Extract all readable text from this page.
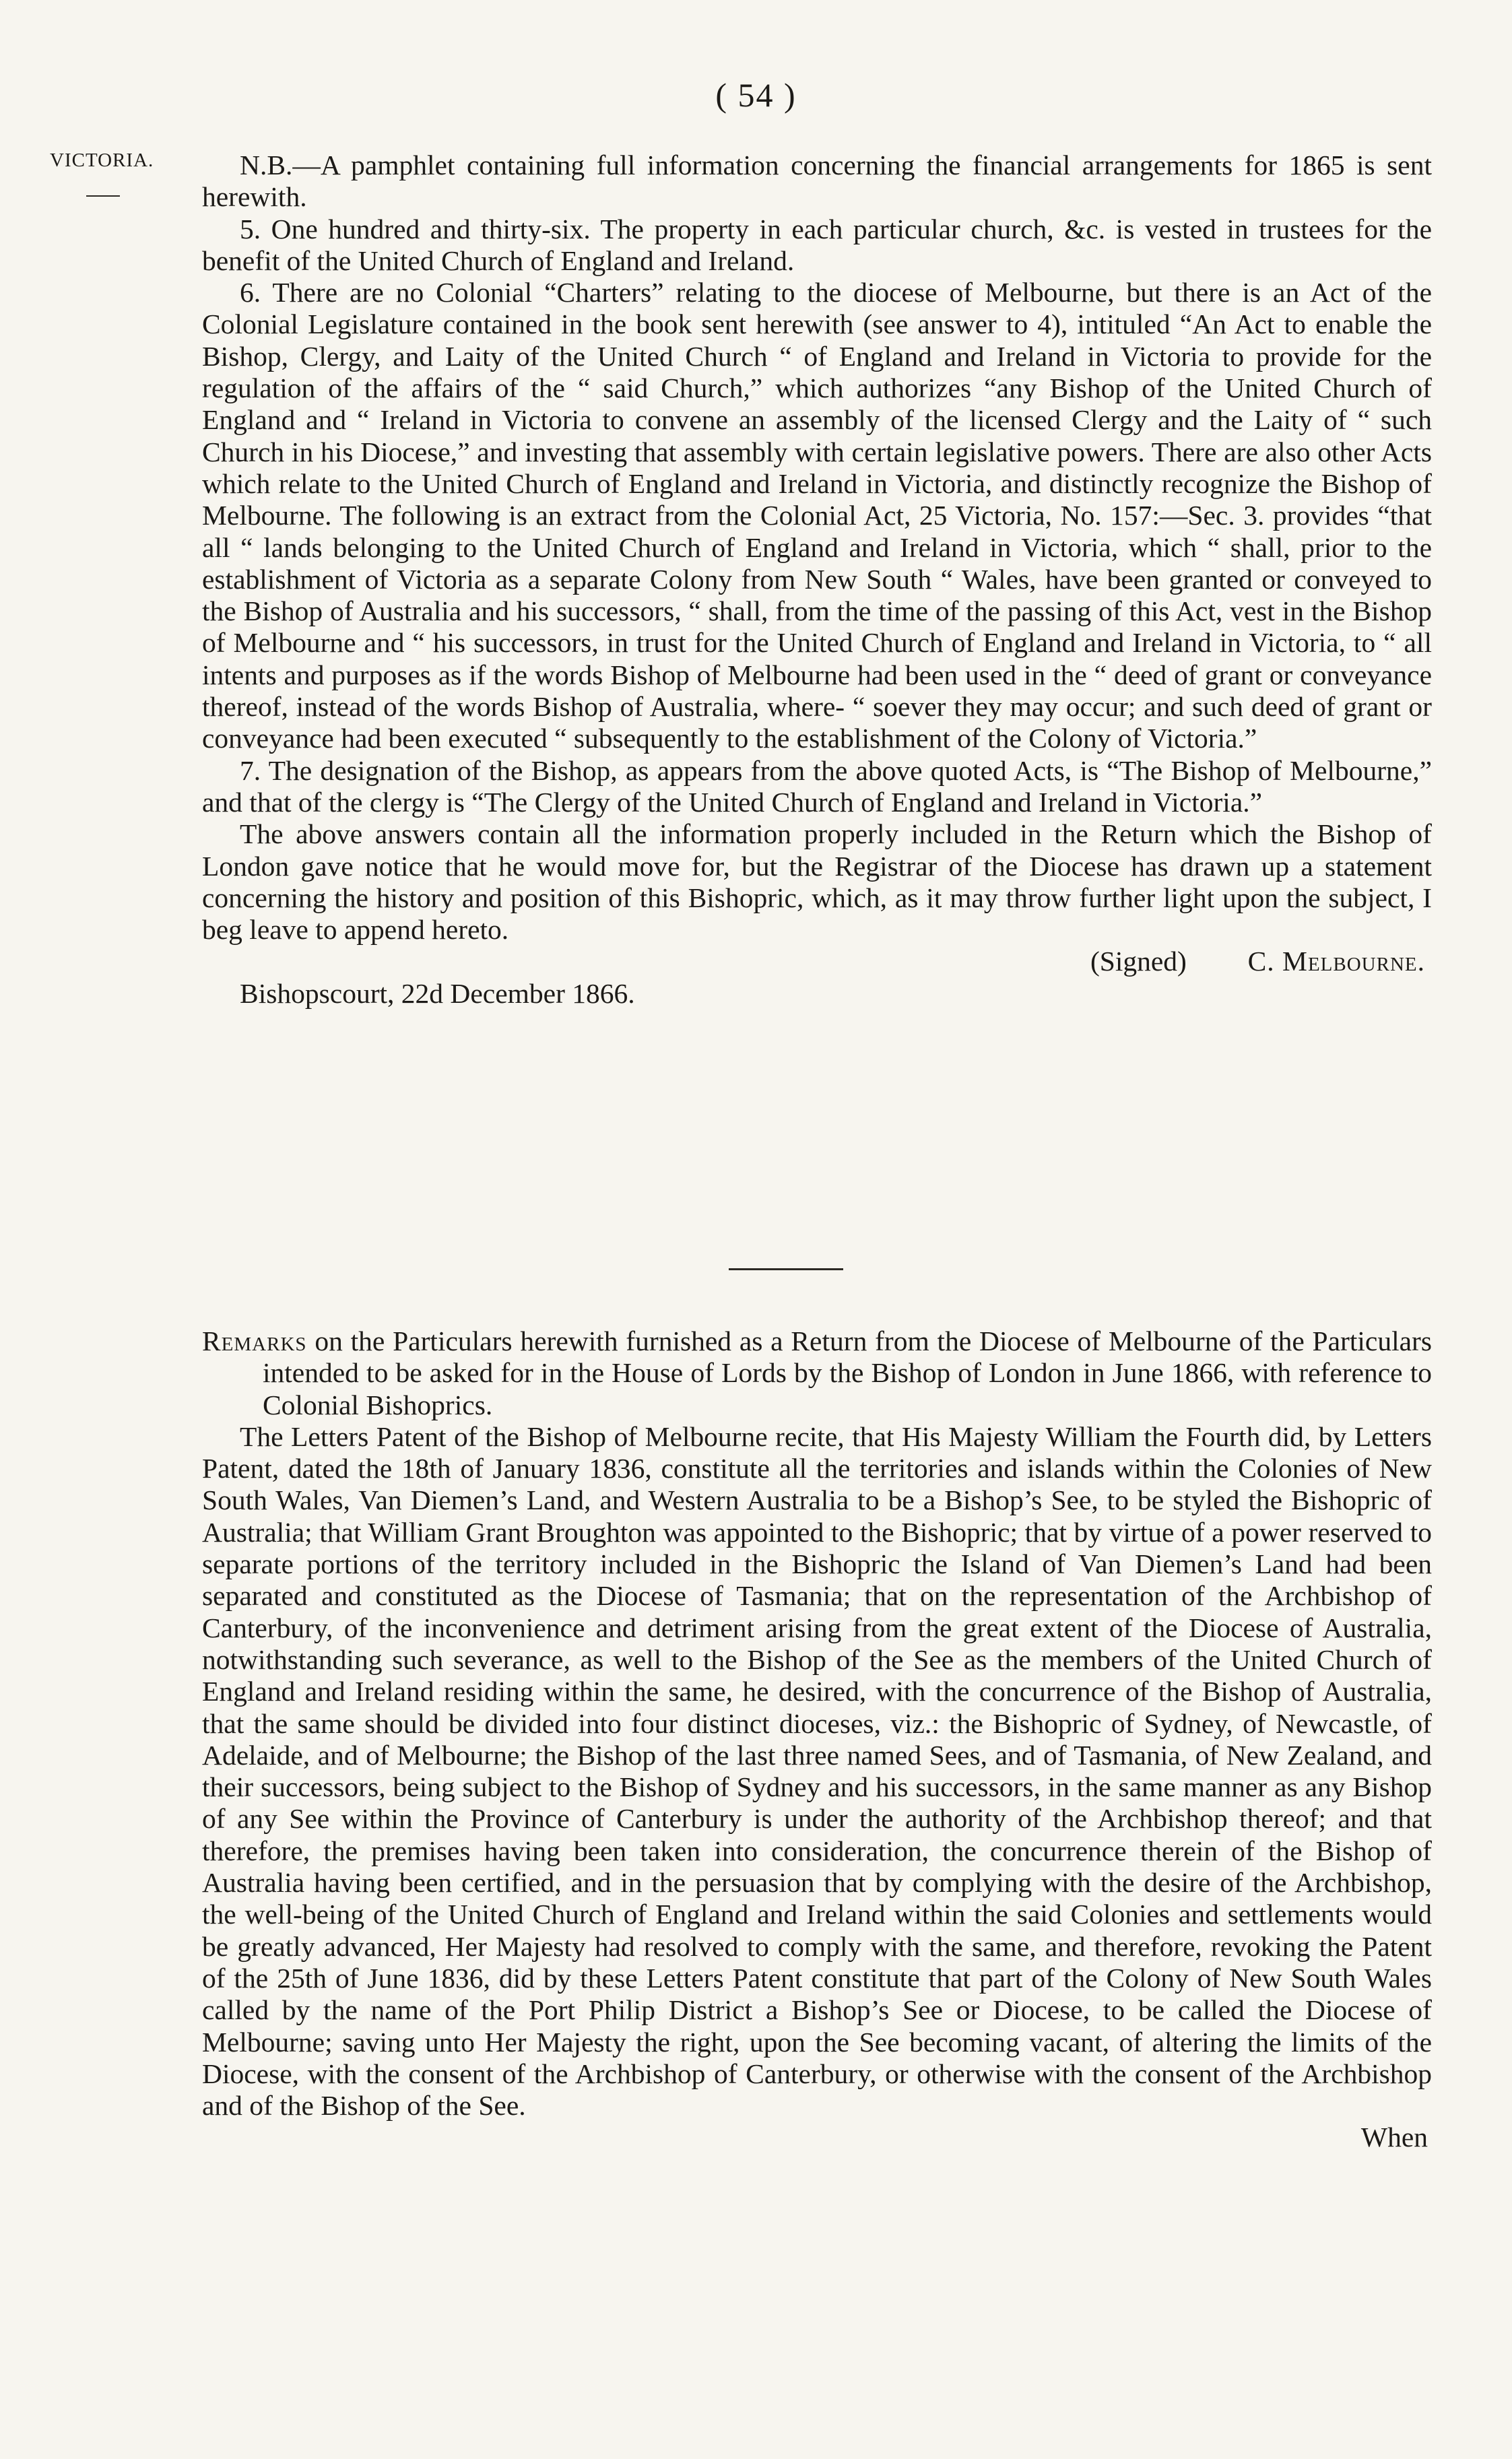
( 54 )
VICTORIA.	N.B.—A pamphlet containing full information concerning the financial arrangements for 1865 is sent herewith.

5. One hundred and thirty-six. The property in each particular church, &c. is vested in trustees for the benefit of the United Church of England and Ireland.

6. There are no Colonial “Charters” relating to the diocese of Melbourne, but there is an Act of the Colonial Legislature contained in the book sent herewith (see answer to 4), intituled “An Act to enable the Bishop, Clergy, and Laity of the United Church “ of England and Ireland in Victoria to provide for the regulation of the affairs of the “ said Church,” which authorizes “any Bishop of the United Church of England and “ Ireland in Victoria to convene an assembly of the licensed Clergy and the Laity of “ such Church in his Diocese,” and investing that assembly with certain legislative powers. There are also other Acts which relate to the United Church of England and Ireland in Victoria, and distinctly recognize the Bishop of Melbourne. The following is an extract from the Colonial Act, 25 Victoria, No. 157:—Sec. 3. provides “that all “ lands belonging to the United Church of England and Ireland in Victoria, which “ shall, prior to the establishment of Victoria as a separate Colony from New South “ Wales, have been granted or conveyed to the Bishop of Australia and his successors, “ shall, from the time of the passing of this Act, vest in the Bishop of Melbourne and “ his successors, in trust for the United Church of England and Ireland in Victoria, to “ all intents and purposes as if the words Bishop of Melbourne had been used in the “ deed of grant or conveyance thereof, instead of the words Bishop of Australia, where- “ soever they may occur; and such deed of grant or conveyance had been executed “ subsequently to the establishment of the Colony of Victoria.”

7. The designation of the Bishop, as appears from the above quoted Acts, is “The Bishop of Melbourne,” and that of the clergy is “The Clergy of the United Church of England and Ireland in Victoria.”

The above answers contain all the information properly included in the Return which the Bishop of London gave notice that he would move for, but the Registrar of the Diocese has drawn up a statement concerning the history and position of this Bishopric, which, as it may throw further light upon the subject, I beg leave to append hereto.

(Signed) C. Melbourne.

Bishopscourt, 22d December 1866.

Remarks on the Particulars herewith furnished as a Return from the Diocese of Melbourne of the Particulars intended to be asked for in the House of Lords by the Bishop of London in June 1866, with reference to Colonial Bishoprics.

The Letters Patent of the Bishop of Melbourne recite, that His Majesty William the Fourth did, by Letters Patent, dated the 18th of January 1836, constitute all the territories and islands within the Colonies of New South Wales, Van Diemen’s Land, and Western Australia to be a Bishop’s See, to be styled the Bishopric of Australia; that William Grant Broughton was appointed to the Bishopric; that by virtue of a power reserved to separate portions of the territory included in the Bishopric the Island of Van Diemen’s Land had been separated and constituted as the Diocese of Tasmania; that on the representation of the Archbishop of Canterbury, of the inconvenience and detriment arising from the great extent of the Diocese of Australia, notwithstanding such severance, as well to the Bishop of the See as the members of the United Church of England and Ireland residing within the same, he desired, with the concurrence of the Bishop of Australia, that the same should be divided into four distinct dioceses, viz.: the Bishopric of Sydney, of Newcastle, of Adelaide, and of Melbourne; the Bishop of the last three named Sees, and of Tasmania, of New Zealand, and their successors, being subject to the Bishop of Sydney and his successors, in the same manner as any Bishop of any See within the Province of Canterbury is under the authority of the Archbishop thereof; and that therefore, the premises having been taken into consideration, the concurrence therein of the Bishop of Australia having been certified, and in the persuasion that by complying with the desire of the Archbishop, the well-being of the United Church of England and Ireland within the said Colonies and settlements would be greatly advanced, Her Majesty had resolved to comply with the same, and therefore, revoking the Patent of the 25th of June 1836, did by these Letters Patent constitute that part of the Colony of New South Wales called by the name of the Port Philip District a Bishop’s See or Diocese, to be called the Diocese of Melbourne; saving unto Her Majesty the right, upon the See becoming vacant, of altering the limits of the Diocese, with the consent of the Archbishop of Canterbury, or otherwise with the consent of the Archbishop and of the Bishop of the See.

When
